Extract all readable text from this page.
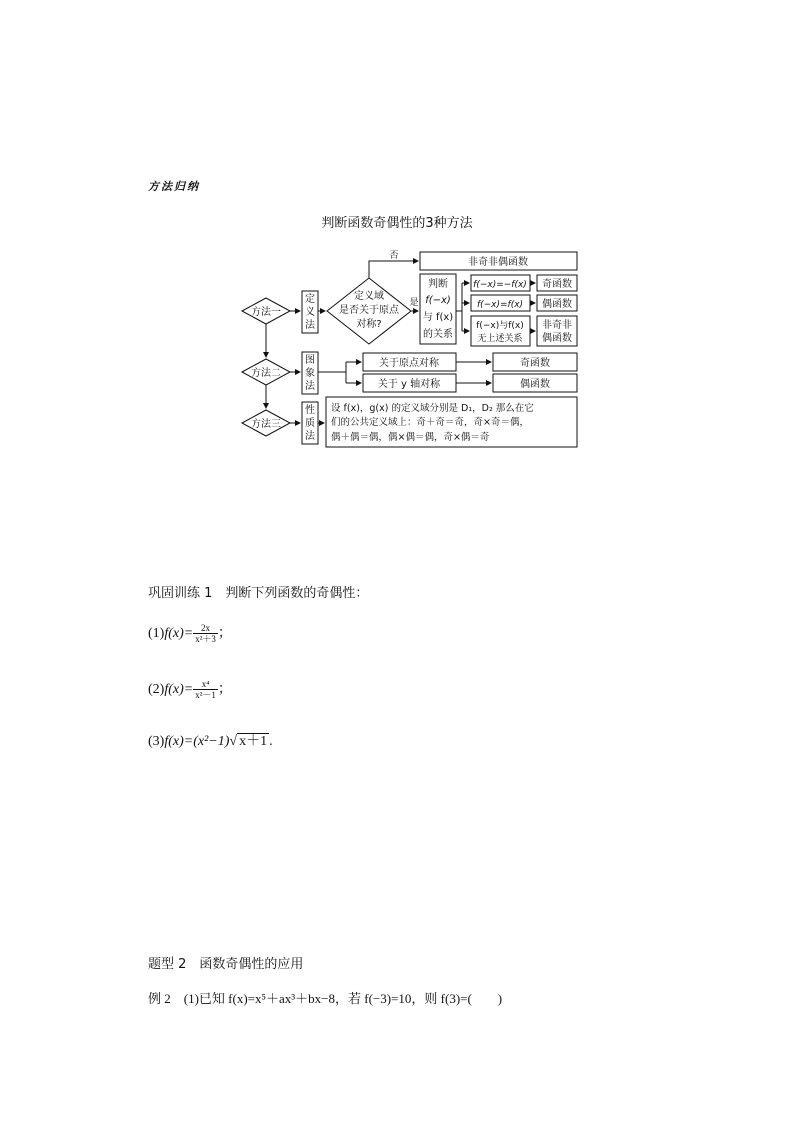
方法归纳
判断函数奇偶性的3种方法
方法一
方法二
方法三
定
义
法
图
象
法
性
质
法
定义域
是否关于原点
对称?
否
是
非奇非偶函数
判断
f(−x)
与 f(x)
的关系
f(−x)=−f(x)
f(−x)=f(x)
f(−x)与f(x)
无上述关系
奇函数
偶函数
非奇非
偶函数
关于原点对称
关于 y 轴对称
奇函数
偶函数
设 f(x)，g(x) 的定义域分别是 D₁，D₂ 那么在它
们的公共定义域上：奇＋奇＝奇，奇×奇＝偶，
偶＋偶＝偶，偶×偶＝偶，奇×偶＝奇
巩固训练 1　判断下列函数的奇偶性：
$(1)f(x)= \frac{2x}{\text{x²＋3}}$ ；
$(2)f(x)= \frac{\text{x⁴}}{\text{x²－1}}$ ；
(3)f(x)=(x²−1)√ x＋1 .
题型 2　函数奇偶性的应用
例 2　(1)已知 f(x)=x⁵＋ax³＋bx−8，若 f(−3)=10，则 f(3)=(　　)
